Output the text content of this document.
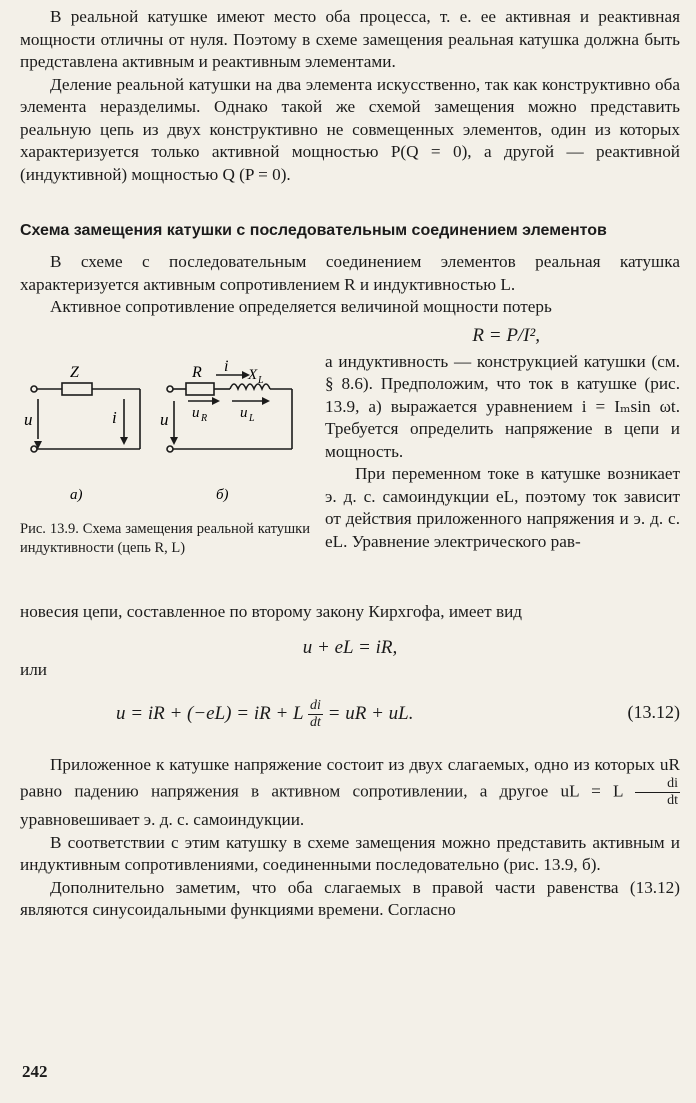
В реальной катушке имеют место оба процесса, т. е. ее активная и реактивная мощности отличны от нуля. Поэтому в схеме замещения реальная катушка должна быть представлена активным и реактивным элементами.

Деление реальной катушки на два элемента искусственно, так как конструктивно оба элемента неразделимы. Однако такой же схемой замещения можно представить реальную цепь из двух конструктивно не совмещенных элементов, один из которых характеризуется только активной мощностью P(Q = 0), а другой — реактивной (индуктивной) мощностью Q (P = 0).

Схема замещения катушки с последовательным соединением элементов

В схеме с последовательным соединением элементов реальная катушка характеризуется активным сопротивлением R и индуктивностью L.

Активное сопротивление определяется величиной мощности потерь

R = P/I²,
Z
u	i
R i X L
u u R u L
а)	б)
Рис. 13.9. Схема замещения реальной катушки индуктивности (цепь R, L)

а индуктивность — конструкцией катушки (см. § 8.6). Предположим, что ток в катушке (рис. 13.9, а) выражается уравнением i = Iₘsin ωt. Требуется определить напряжение в цепи и мощность.

При переменном токе в катушке возникает э. д. с. самоиндукции eL, поэтому ток зависит от действия приложенного напряжения и э. д. с. eL. Уравнение электрического рав-

новесия цепи, составленное по второму закону Кирхгофа, имеет вид

u + eL = iR,

или

u = iR + (−eL) = iR + L $\frac{di}{dt}$ = uR + uL.	(13.12)

Приложенное к катушке напряжение состоит из двух слагаемых, одно из которых uR равно падению напряжения в активном сопротивлении, а другое uL = L $\frac{di}{dt}$
уравновешивает э. д. с. самоиндукции.

В соответствии с этим катушку в схеме замещения можно представить активным и индуктивным сопротивлениями, соединенными последовательно (рис. 13.9, б).

Дополнительно заметим, что оба слагаемых в правой части равенства (13.12) являются синусоидальными функциями времени. Согласно

242
